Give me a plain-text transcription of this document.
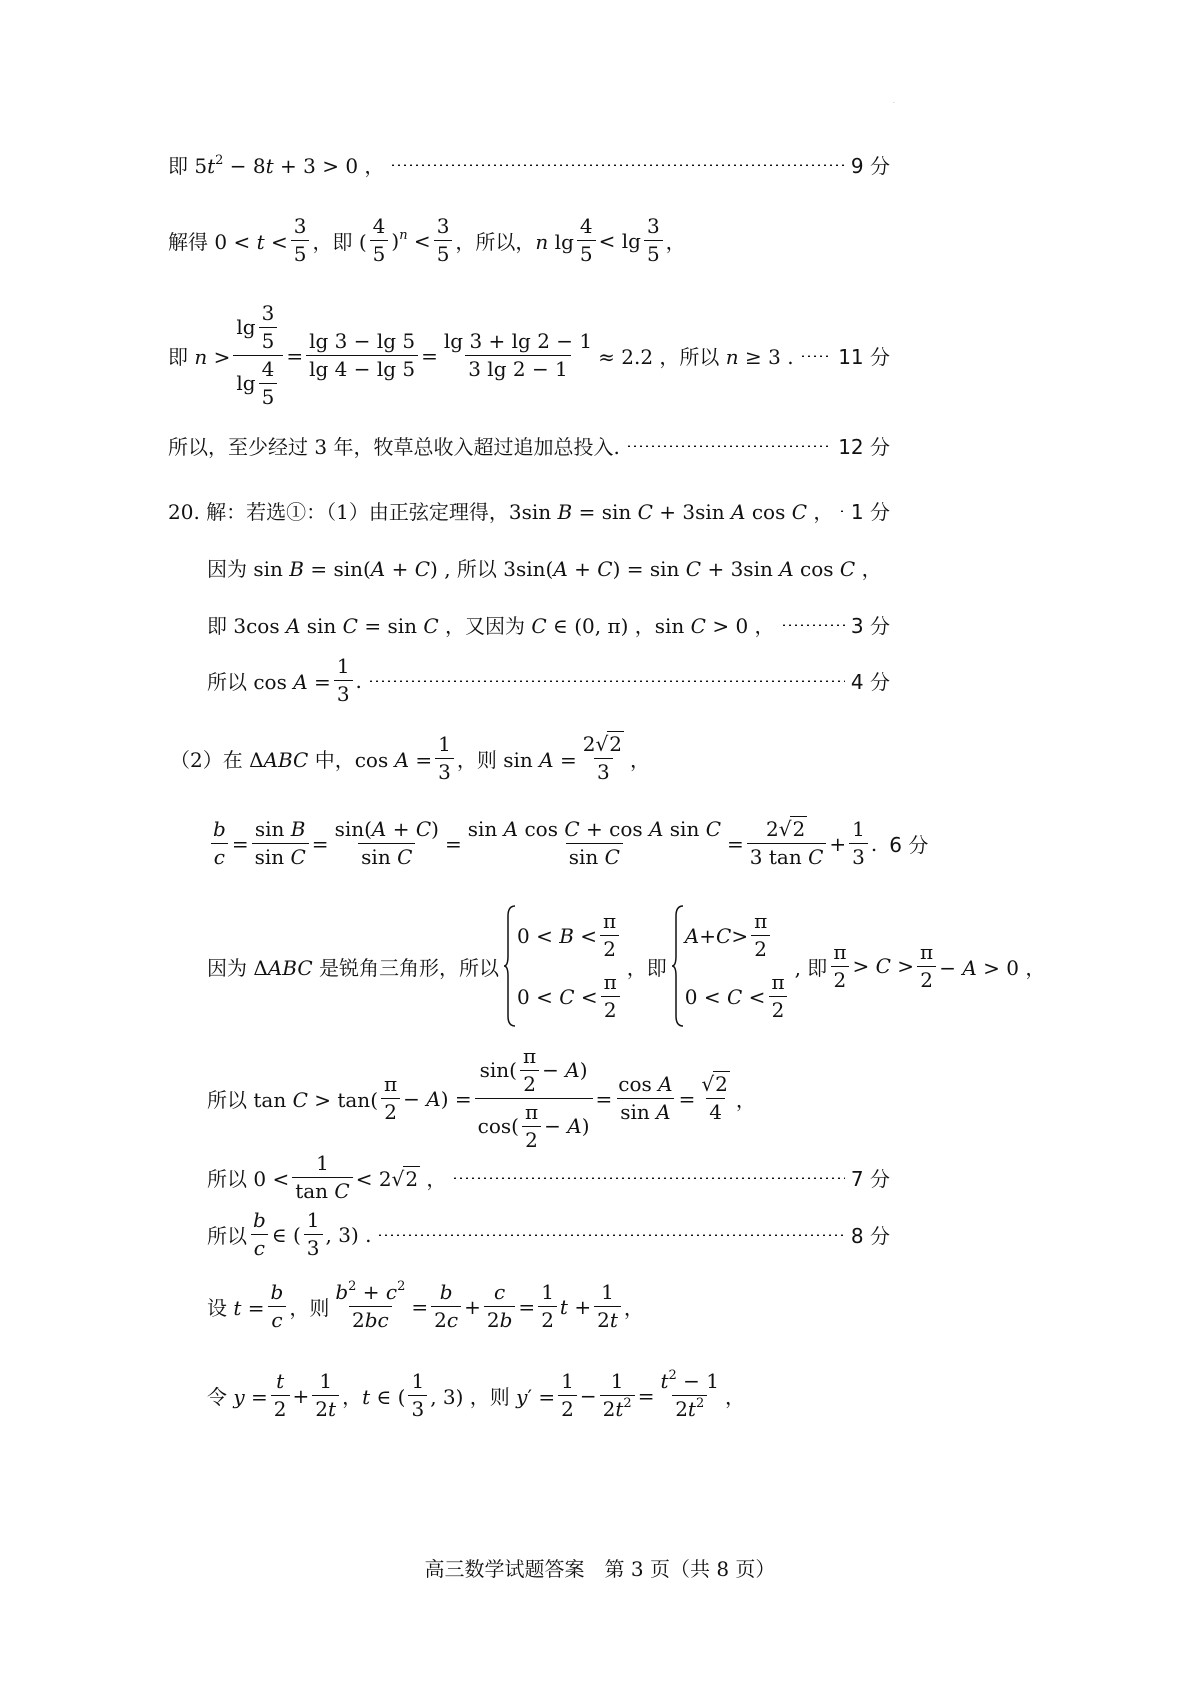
·
即 $5t^2 - 8t + 3 > 0$ ，	9 分
解得 $0 < t < \frac{3}{5}$ ，即 ( $\frac{4}{5} )^n < \frac{3}{5}$ ，所以，n $\lg \frac{4}{5} < \lg \frac{3}{5}$ ，
即 $n > \frac{\lg \frac{3}{5}}{\lg \frac{4}{5}} = \frac{\lg 3 - \lg 5}{\lg 4 - \lg 5} = \frac{\lg 3 + \lg 2 - 1}{3 \lg 2 - 1} \approx 2.2$ ，所以 n ≥ 3 . 11 分
所以，至少经过 3 年，牧草总收入超过追加总投入.	12 分
20. 解：若选①：（1）由正弦定理得，3sin B = sin C + 3sin A cos C ， 1 分
因为 sin B = sin(A + C) , 所以 3sin(A + C) = sin C + 3sin A cos C ，
即 3cos A sin C = sin C ，又因为 C ∈ (0, π) ，sin C > 0 ，	3 分
所以 $\cos A = \frac{1}{3}$ .	4 分
（2）在 ΔABC 中，$\cos A = \frac{1}{3}$ ，则 $\sin A = \frac{2√2}{3}$ ，
$\frac{b}{c} = \frac{\text{sin B}}{\text{sin C}} = \frac{\sin(A + C)}{\text{sin C}} = \frac{\text{sin A cos C + cos A sin C}}{\text{sin C}} = \frac{2√2}{\text{3 tan C}} + \frac{1}{3}$ . 6 分
因为 ΔABC 是锐角三角形，所以
$0 < B < \frac{\pi}{2}$
$0 < C < \frac{\pi}{2}$
，即
$A + C > \frac{\pi}{2}$
$0 < C < \frac{\pi}{2}$
, 即 $\frac{\pi}{2} > C > \frac{\pi}{2} - A > 0$ ，
所以 $\tan C > \tan( \frac{\pi}{2} - A) = \frac{\sin( \frac{\pi}{2} - A )}{\cos( \frac{\pi}{2} - A )} = \frac{\text{cos A}}{\text{sin A}} = \frac{√2}{4}$ ，
所以 $0 < \frac{1}{\text{tan C}} < 2√2$ ，	7 分
所以 $\frac{b}{c}$ ∈ ( $\frac{1}{3}$ , 3) .	8 分
设 $t = \frac{b}{c}$ ，则 $\frac{b^2 + c^2}{2bc} = \frac{b}{2c} + \frac{c}{2b} = \frac{1}{2}$ $t + \frac{1}{2t}$ ，
令 $y = \frac{t}{2} + \frac{1}{2t}$ ，t ∈ ( $\frac{1}{3}$ , 3) ，则 $y' = \frac{1}{2} - \frac{1}{2t^2} = \frac{t^2 - 1}{2t^2}$ ，
高三数学试题答案　第 3 页（共 8 页）
